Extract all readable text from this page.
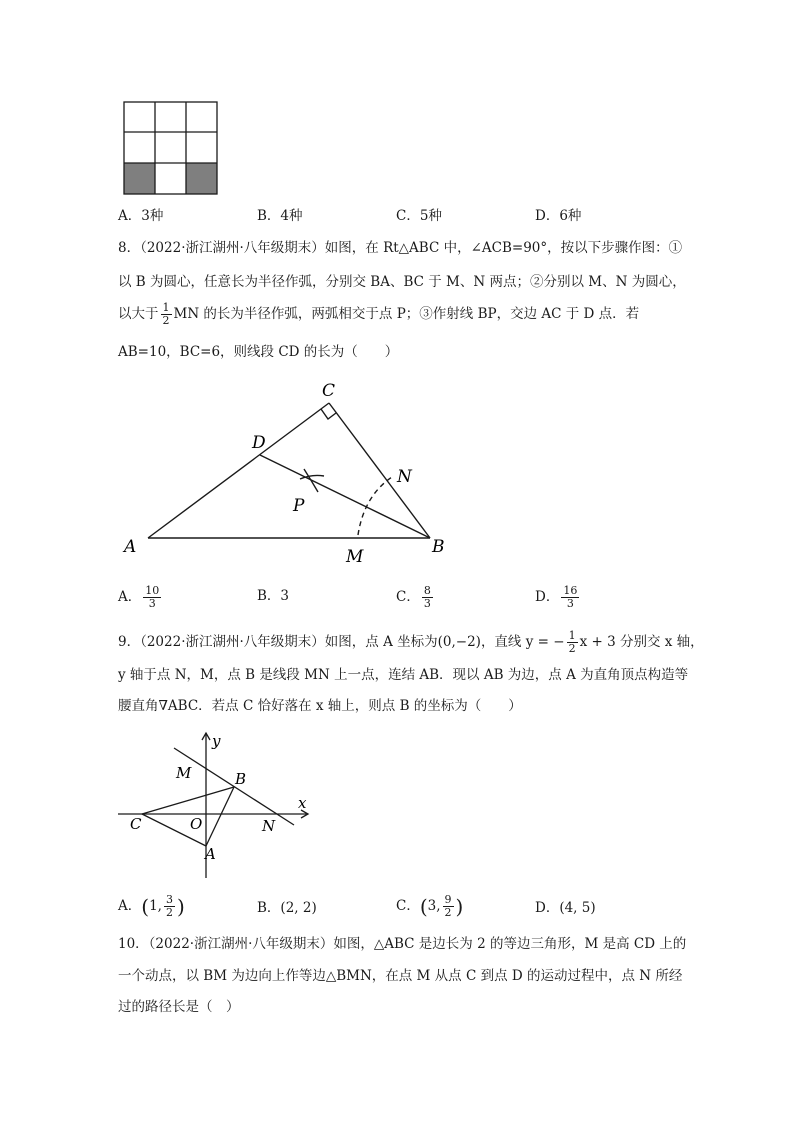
A．3种	B．4种	C．5种	D．6种
8．（2022·浙江湖州·八年级期末）如图，在 Rt△ABC 中，∠ACB=90°，按以下步骤作图：①
以 B 为圆心，任意长为半径作弧，分别交 BA、BC 于 M、N 两点；②分别以 M、N 为圆心，
以大于 $\frac{1}{2}$ MN 的长为半径作弧，两弧相交于点 P；③作射线 BP，交边 AC 于 D 点．若
AB=10，BC=6，则线段 CD 的长为（　　）
C
D
N
P
A	B
M
A． $\frac{10}{3}$	B．3	C． $\frac{8}{3}$	D． $\frac{16}{3}$
9．（2022·浙江湖州·八年级期末）如图，点 A 坐标为(0,−2)，直线 y = − $\frac{1}{2}$ x + 3 分别交 x 轴，
y 轴于点 N，M，点 B 是线段 MN 上一点，连结 AB．现以 AB 为边，点 A 为直角顶点构造等
腰直角∇ABC．若点 C 恰好落在 x 轴上，则点 B 的坐标为（　　）
y
x
M	B
C	O	N
A
A．(1, $\frac{3}{2}$ )	B．(2, 2)	C．(3, $\frac{9}{2}$ )	D．(4, 5)
10．（2022·浙江湖州·八年级期末）如图，△ABC 是边长为 2 的等边三角形，M 是高 CD 上的
一个动点，以 BM 为边向上作等边△BMN，在点 M 从点 C 到点 D 的运动过程中，点 N 所经
过的路径长是（　）
